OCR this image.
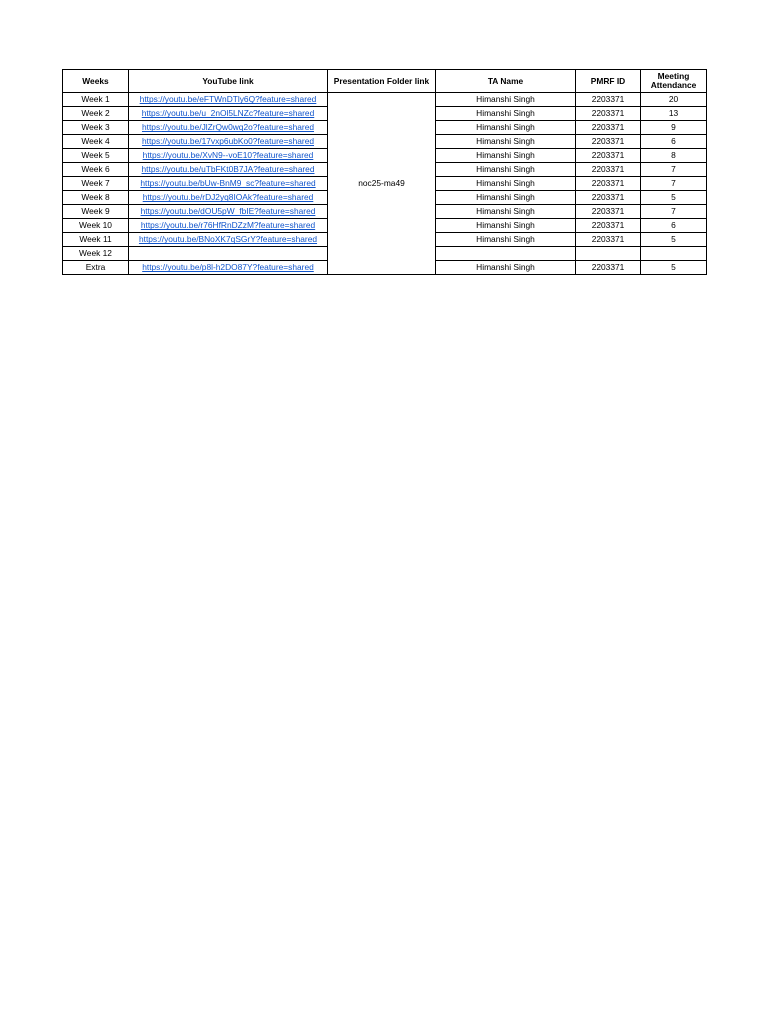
Weeks	YouTube link	Presentation Folder link	TA Name	PMRF ID	Meeting Attendance
Week 1	https://youtu.be/eFTWnDTly6Q?feature=shared	noc25-ma49	Himanshi Singh	2203371	20
Week 2	https://youtu.be/u_2nOl5LNZc?feature=shared		Himanshi Singh	2203371	13
Week 3	https://youtu.be/JlZrQw0wq2o?feature=shared		Himanshi Singh	2203371	9
Week 4	https://youtu.be/17vxp6ubKo0?feature=shared		Himanshi Singh	2203371	6
Week 5	https://youtu.be/XvN9--voE10?feature=shared		Himanshi Singh	2203371	8
Week 6	https://youtu.be/uTbFKt0B7JA?feature=shared		Himanshi Singh	2203371	7
Week 7	https://youtu.be/bUw-BnM9_sc?feature=shared		Himanshi Singh	2203371	7
Week 8	https://youtu.be/rDJ2yq8IOAk?feature=shared		Himanshi Singh	2203371	5
Week 9	https://youtu.be/dOU5pW_fbIE?feature=shared		Himanshi Singh	2203371	7
Week 10	https://youtu.be/r76HfRnDZzM?feature=shared		Himanshi Singh	2203371	6
Week 11	https://youtu.be/BNoXK7qSGrY?feature=shared		Himanshi Singh	2203371	5
Week 12					
Extra	https://youtu.be/p8l-h2DO87Y?feature=shared		Himanshi Singh	2203371	5
